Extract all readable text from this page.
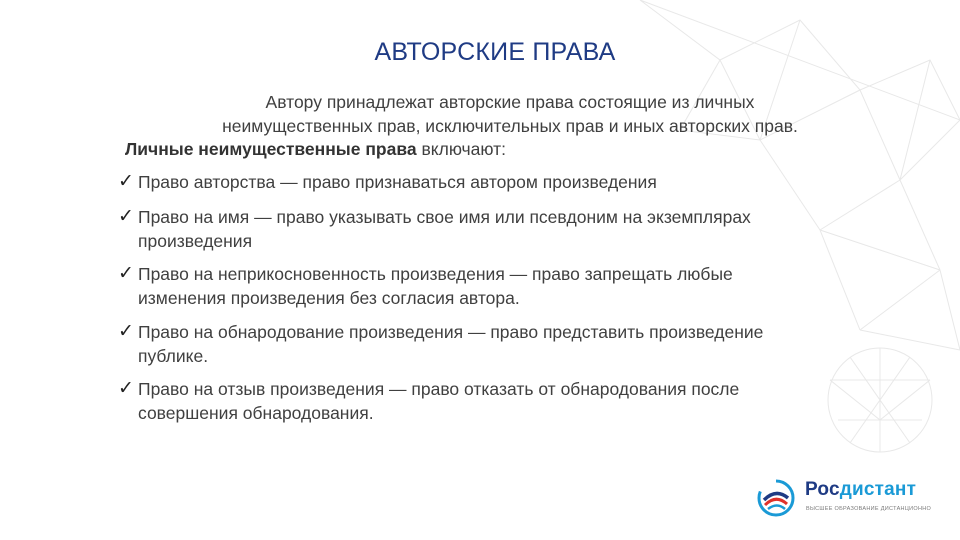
АВТОРСКИЕ ПРАВА
Автору принадлежат авторские права состоящие из личных
неимущественных прав, исключительных прав и иных авторских прав.
Личные неимущественные права включают:
✓ Право авторства — право признаваться автором произведения
✓ Право на имя — право указывать свое имя или псевдоним на экземплярах
произведения
✓ Право на неприкосновенность произведения — право запрещать любые
изменения произведения без согласия автора.
✓ Право на обнародование произведения — право представить произведение
публике.
✓ Право на отзыв произведения — право отказать от обнародования после
совершения обнародования.
Росдистант
ВЫСШЕЕ ОБРАЗОВАНИЕ ДИСТАНЦИОННО
